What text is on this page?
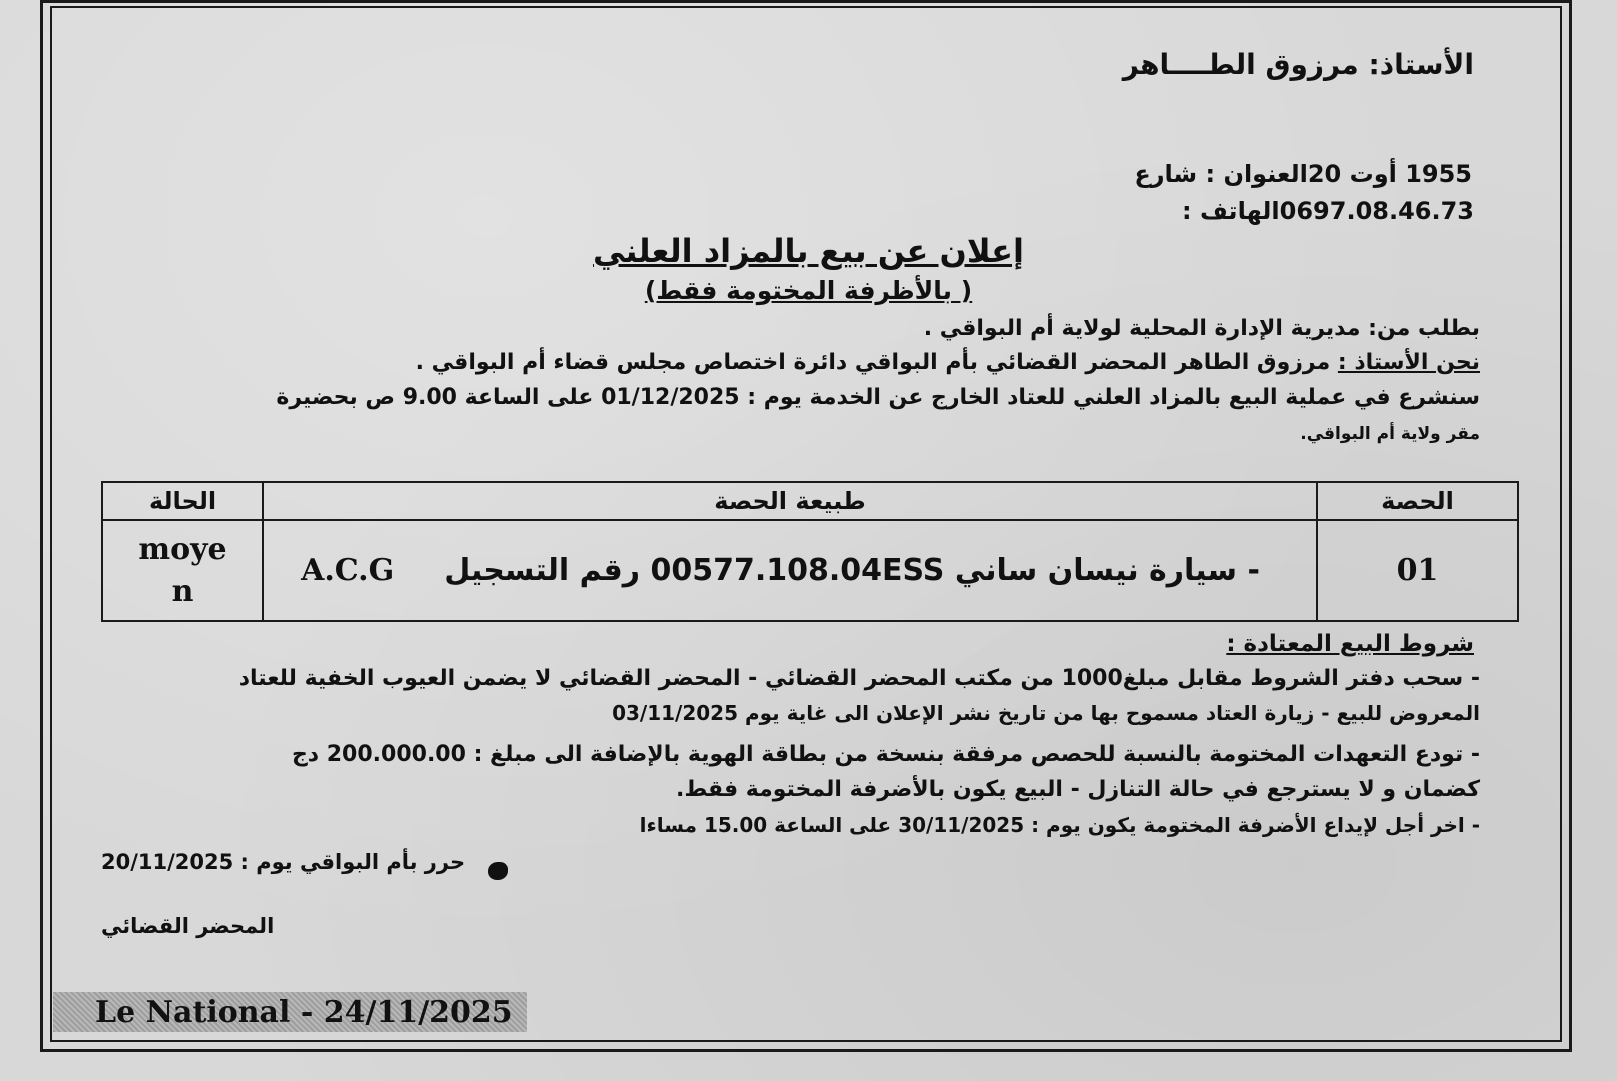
الأستاذ: مرزوق الطــــاهر
1955 أوت 20العنوان : شارع
0697.08.46.73الهاتف :
إعلان عن بيع بالمزاد العلني
( بالأظرفة المختومة فقط)
بطلب من: مديرية الإدارة المحلية لولاية أم البواقي .
نحن الأستاذ : مرزوق الطاهر المحضر القضائي بأم البواقي دائرة اختصاص مجلس قضاء أم البواقي .
سنشرع في عملية البيع بالمزاد العلني للعتاد الخارج عن الخدمة يوم : 01/12/2025 على الساعة 9.00 ص بحضيرة
مقر ولاية أم البواقي.
الحصة	طبيعة الحصة	الحالة
01	- سيارة نيسان ساني 00577.108.04ESS رقم التسجيلA.C.G	moye
n
شروط البيع المعتادة :
- سحب دفتر الشروط مقابل مبلغ1000 من مكتب المحضر القضائي - المحضر القضائي لا يضمن العيوب الخفية للعتاد
المعروض للبيع - زيارة العتاد مسموح بها من تاريخ نشر الإعلان الى غاية يوم 03/11/2025
- تودع التعهدات المختومة بالنسبة للحصص مرفقة بنسخة من بطاقة الهوية بالإضافة الى مبلغ : 200.000.00 دج
كضمان و لا يسترجع في حالة التنازل - البيع يكون بالأضرفة المختومة فقط.
- اخر أجل لإيداع الأضرفة المختومة يكون يوم : 30/11/2025 على الساعة 15.00 مساءا
حرر بأم البواقي يوم : 20/11/2025
المحضر القضائي
Le National - 24/11/2025
